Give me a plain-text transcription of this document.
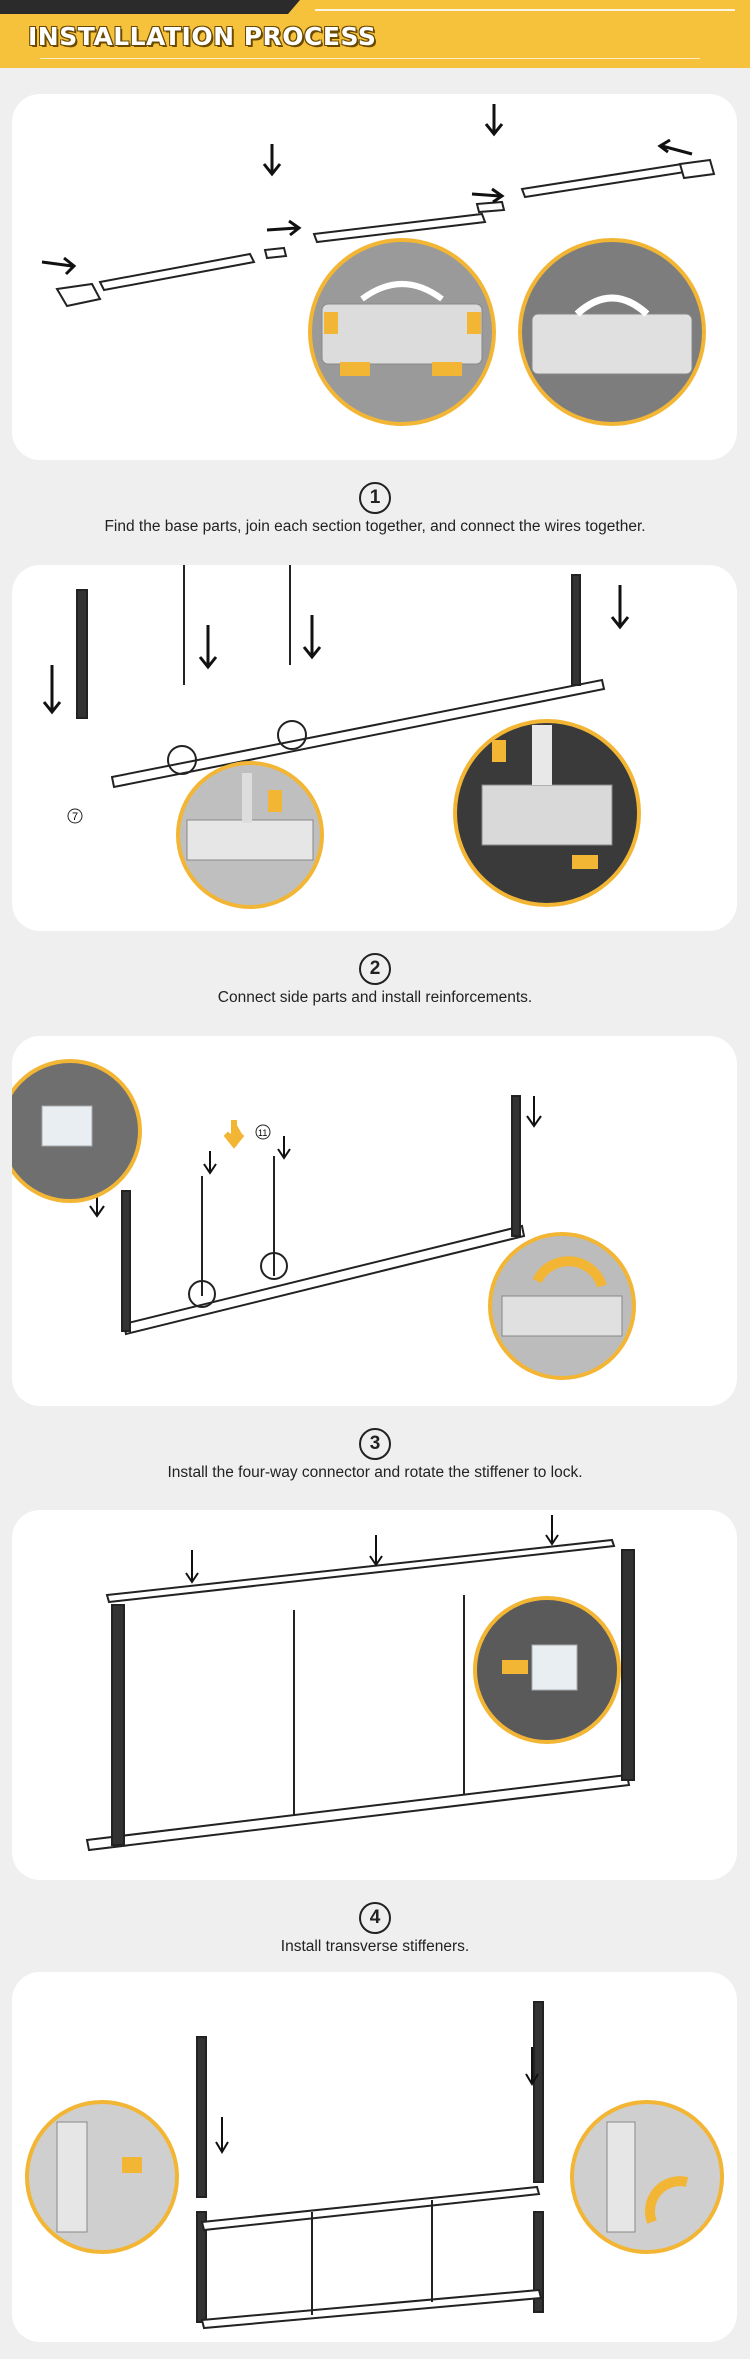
INSTALLATION PROCESS
1
Find the base parts, join each section together, and connect the wires together.
7
2
Connect side parts and install reinforcements.
11
3
Install the four-way connector and rotate the stiffener to lock.
4
Install transverse stiffeners.
